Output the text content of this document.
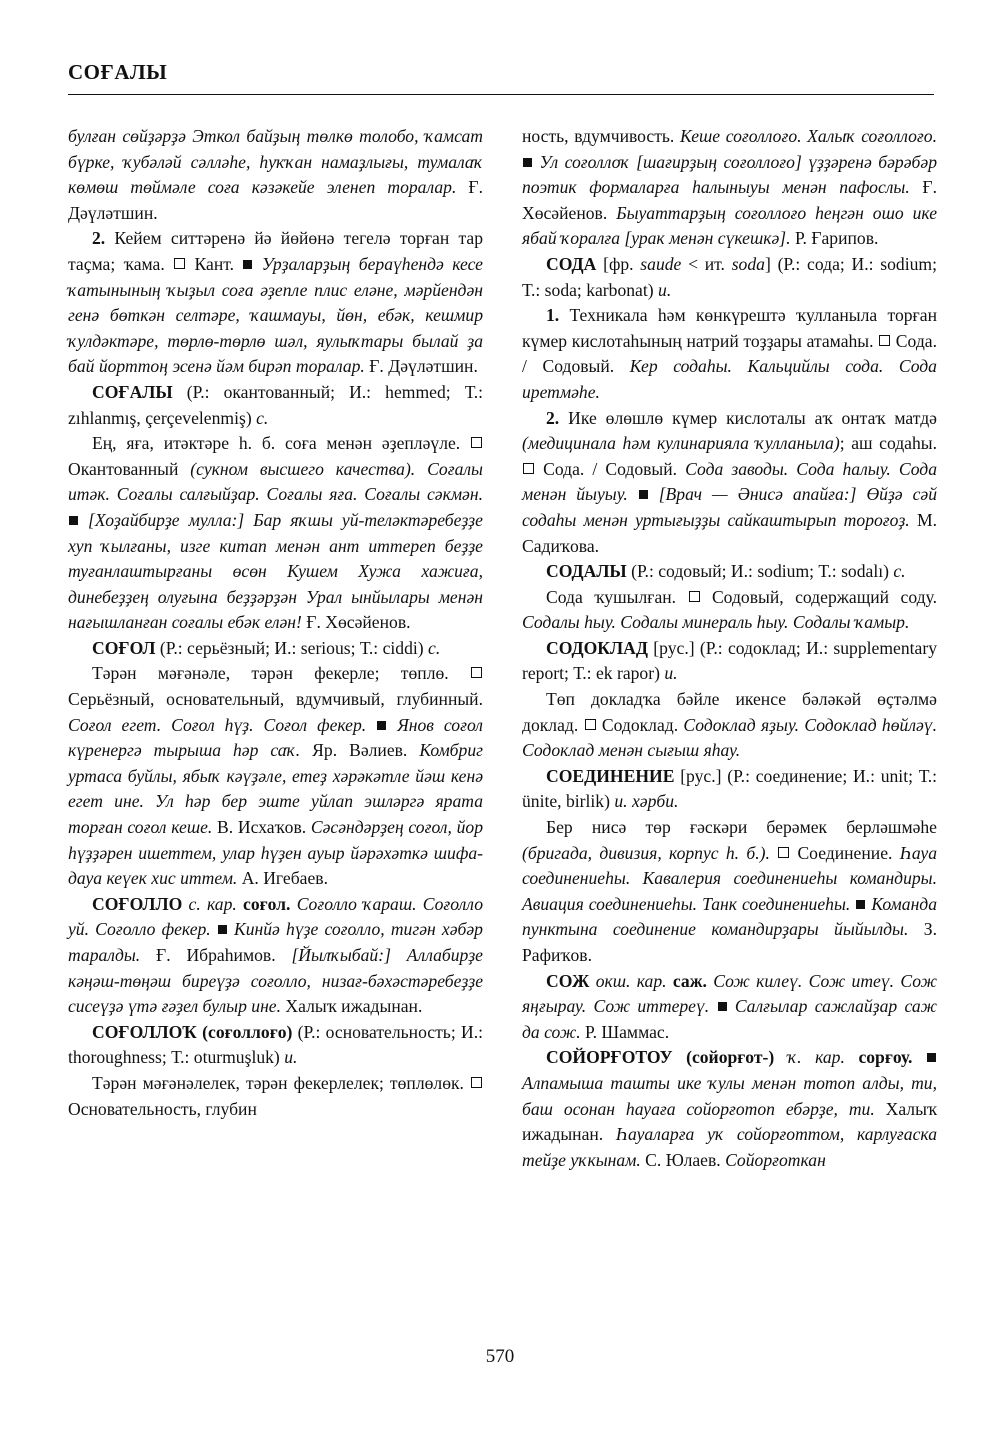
СОҒАЛЫ

булған сөйҙәрҙә Эткол байҙың төлкө толобо, ҡамсат бүрке, ҡубәләй сәлләһе, һуҡҡан намаҙлығы, тумалаҡ көмөш төймәле соға кәзәкейе эленеп торалар. Ғ. Дәүләтшин.

2. Кейем ситтәренә йә йөйөнә тегелә торған тар таҫма; ҡама.  Кант.  Урҙаларҙың бераүһендә кесе ҡатынының ҡыҙыл соға әҙепле плис еләне, мәрйендән генә бөткән селтәре, ҡашмауы, йөн, ебәк, кешмир ҡулдәктәре, төрлө-төрлө шәл, яулыҡтары былай ҙа бай йорттоң эсенә йәм бирәп торалар. Ғ. Дәүләтшин.

СОҒАЛЫ (Р.: окантованный; И.: hemmed; Т.: zıhlanmış, çerçevelenmiş) с.

Ең, яға, итәктәре һ. б. соға менән әҙепләүле.  Окантованный (сукном высшего качества). Соғалы итәк. Соғалы салғыйҙар. Соғалы яға. Соғалы сәкмән.  [Хоҙайбирҙе мулла:] Бар яҡшы уй-теләктәребеҙҙе хуп ҡылғаны, изге китап менән ант иттереп беҙҙе туғанлаштырғаны өсөн Кушем Хужа хажиға, динебеҙҙең олуғына беҙҙәрҙән Урал ынйылары менән нағышланған соғалы ебәк елән! Ғ. Хөсәйенов.

СОҒОЛ (Р.: серьёзный; И.: serious; Т.: ciddi) с.

Тәрән мәғәнәле, тәрән фекерле; төплө.  Серьёзный, основательный, вдумчивый, глубинный. Соғол егет. Соғол һүҙ. Соғол фекер.  Янов соғол күренергә тырыша һәр саҡ. Яр. Вәлиев. Комбриг уртаса буйлы, ябыҡ кәүҙәле, етеҙ хәрәкәтле йәш кенә егет ине. Ул һәр бер эште уйлап эшләргә ярата торған соғол кеше. В. Исхаҡов. Сәсәндәрҙең соғол, йор һүҙҙәрен ишеттем, улар һүҙен ауыр йәрәхәткә шифа-дауа кеүек хис иттем. А. Игебаев.

СОҒОЛЛО с. кар. соғол. Соғолло ҡараш. Соғолло уй. Соғолло фекер.  Кинйә һүҙе соғолло, тигән хәбәр таралды. Ғ. Ибраһимов. [Йылҡыбай:] Аллабирҙе кәңәш-төңәш биреүҙә соғолло, низағ-бәхәстәребеҙҙе сисеүҙә үтә ғәҙел булыр ине. Халыҡ ижадынан.

СОҒОЛЛОҠ (соғоллоғо) (Р.: основательность; И.: thoroughness; Т.: oturmuşluk) и.

Тәрән мәғәнәлелек, тәрән фекерлелек; төплөлөк.  Основательность, глубин

ность, вдумчивость. Кеше соғоллоғо. Халыҡ соғоллоғо.  Ул соғоллоҡ [шағирҙың соғоллоғо] үҙҙәренә бәрәбәр поэтик формаларға һалыныуы менән пафослы. Ғ. Хөсәйенов. Быуаттарҙың соғоллоғо һеңгән ошо ике ябай ҡоралға [урак менән сүкешкә]. Р. Ғарипов.

СОДА [фр. saude < ит. soda] (Р.: сода; И.: sodium; Т.: soda; karbonat) и.

1. Техникала һәм көнкүрештә ҡулланыла торған күмер кислотаһының натрий тоҙҙары атамаһы.  Сода. / Содовый. Кер содаһы. Кальцийлы сода. Сода иретмәһе.

2. Ике өлөшлө күмер кислоталы аҡ онтаҡ матдә (медицинала һәм кулинарияла ҡулланыла); аш содаһы.  Сода. / Содовый. Сода заводы. Сода һалыу. Сода менән йыуыу.  [Врач — Әнисә апайға:] Өйҙә сәй содаһы менән уртығыҙҙы сайкаштырып тороғоҙ. М. Садиҡова.

СОДАЛЫ (Р.: содовый; И.: sodium; Т.: sodalı) с.

Сода ҡушылған.  Содовый, содержащий соду. Содалы һыу. Содалы минераль һыу. Содалы ҡамыр.

СОДОКЛАД [рус.] (Р.: содоклад; И.: supplementary report; Т.: ek rapor) и.

Төп докладҡа бәйле икенсе бәләкәй өҫтәлмә доклад.  Содоклад. Содоклад яҙыу. Содоклад һөйләү. Содоклад менән сығыш яһау.

СОЕДИНЕНИЕ [рус.] (Р.: соединение; И.: unit; Т.: ünite, birlik) и. хәрби.

Бер нисә төр ғәскәри берәмек берләшмәһе (бригада, дивизия, корпус һ. б.).  Соединение. Һауа соединениеһы. Кавалерия соединениеһы командиры. Авиация соединениеһы. Танк соединениеһы.  Команда пунктына соединение командирҙары йыйылды. З. Рафиҡов.

СОЖ окш. кар. саж. Сож килеү. Сож итеү. Сож яңғырау. Сож иттереү.  Салғылар сажлайҙар саж да сож. Р. Шаммас.

СОЙОРҒОТОУ (сойорғот-) ҡ. кар. сорғоу.  Алпамыша ташты ике ҡулы менән тотоп алды, ти, баш осонан һауаға сойорғотоп ебәрҙе, ти. Халыҡ ижадынан. Һауаларға уҡ сойорғоттом, карлуғаска тейҙе уҡкынам. С. Юлаев. Сойорғоткан

570
